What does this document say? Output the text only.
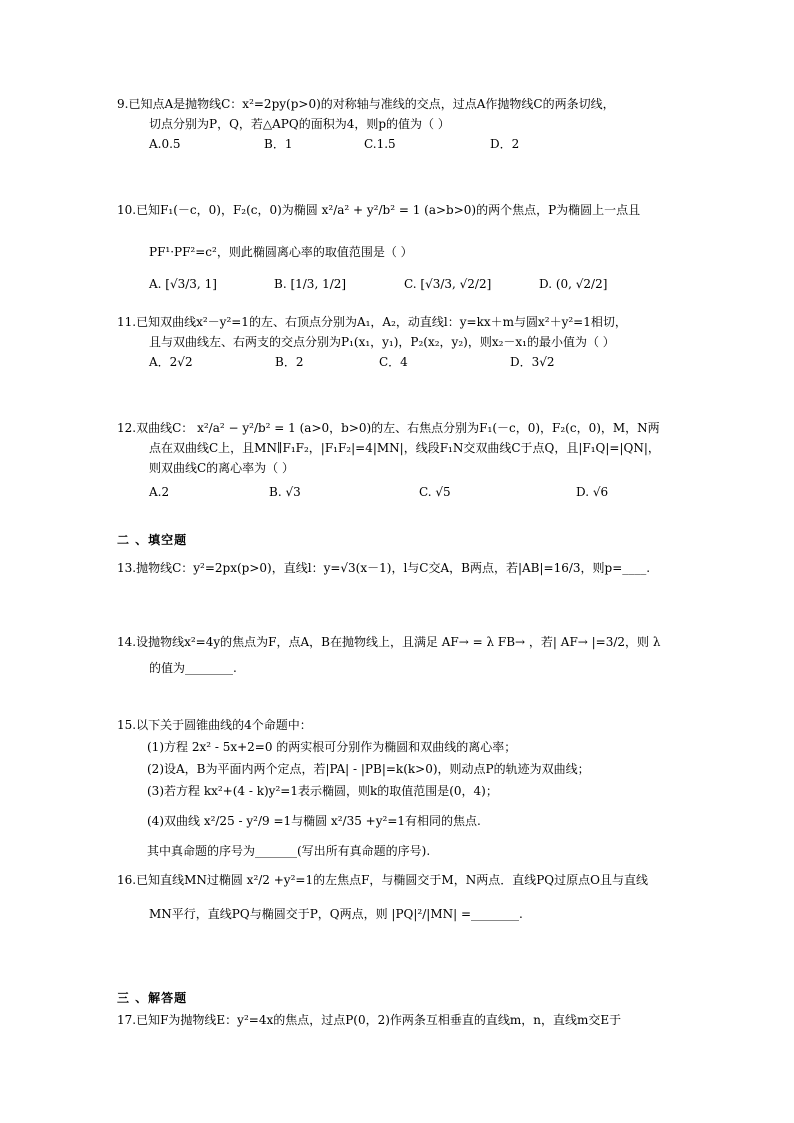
9.已知点A是抛物线C：x²=2py(p>0)的对称轴与准线的交点，过点A作抛物线C的两条切线，
切点分别为P，Q，若△APQ的面积为4，则p的值为（ ）
A.0.5	B．1	C.1.5	D．2
10.已知F₁(－c，0)，F₂(c，0)为椭圆 x²/a² + y²/b² = 1 (a>b>0)的两个焦点，P为椭圆上一点且
PF¹·PF²=c²，则此椭圆离心率的取值范围是（ ）
A. [√3/3, 1]	B. [1/3, 1/2]	C. [√3/3, √2/2]	D. (0, √2/2]
11.已知双曲线x²－y²=1的左、右顶点分别为A₁，A₂，动直线l：y=kx＋m与圆x²＋y²=1相切，
且与双曲线左、右两支的交点分别为P₁(x₁，y₁)，P₂(x₂，y₂)，则x₂－x₁的最小值为（ ）
A．2√2	B．2	C．4	D．3√2
12.双曲线C： x²/a² − y²/b² = 1 (a>0，b>0)的左、右焦点分别为F₁(－c，0)，F₂(c，0)，M，N两
点在双曲线C上，且MN∥F₁F₂，|F₁F₂|=4|MN|，线段F₁N交双曲线C于点Q，且|F₁Q|=|QN|，
则双曲线C的离心率为（ ）
A.2	B. √3	C. √5	D. √6
二 、填空题
13.抛物线C：y²=2px(p>0)，直线l：y=√3(x－1)，l与C交A，B两点，若|AB|=16/3，则p=____.
14.设抛物线x²=4y的焦点为F，点A，B在抛物线上，且满足 AF→ = λ FB→ ，若| AF→ |=3/2，则 λ
的值为________.
15.以下关于圆锥曲线的4个命题中：
(1)方程 2x² - 5x+2=0 的两实根可分别作为椭圆和双曲线的离心率；
(2)设A，B为平面内两个定点，若|PA| - |PB|=k(k>0)，则动点P的轨迹为双曲线；
(3)若方程 kx²+(4 - k)y²=1表示椭圆，则k的取值范围是(0，4)；
(4)双曲线 x²/25 - y²/9 =1与椭圆 x²/35 +y²=1有相同的焦点.
其中真命题的序号为_______(写出所有真命题的序号).
16.已知直线MN过椭圆 x²/2 +y²=1的左焦点F，与椭圆交于M，N两点．直线PQ过原点O且与直线
MN平行，直线PQ与椭圆交于P，Q两点，则 |PQ|²/|MN| =________.
三 、解答题
17.已知F为抛物线E：y²=4x的焦点，过点P(0，2)作两条互相垂直的直线m，n，直线m交E于
